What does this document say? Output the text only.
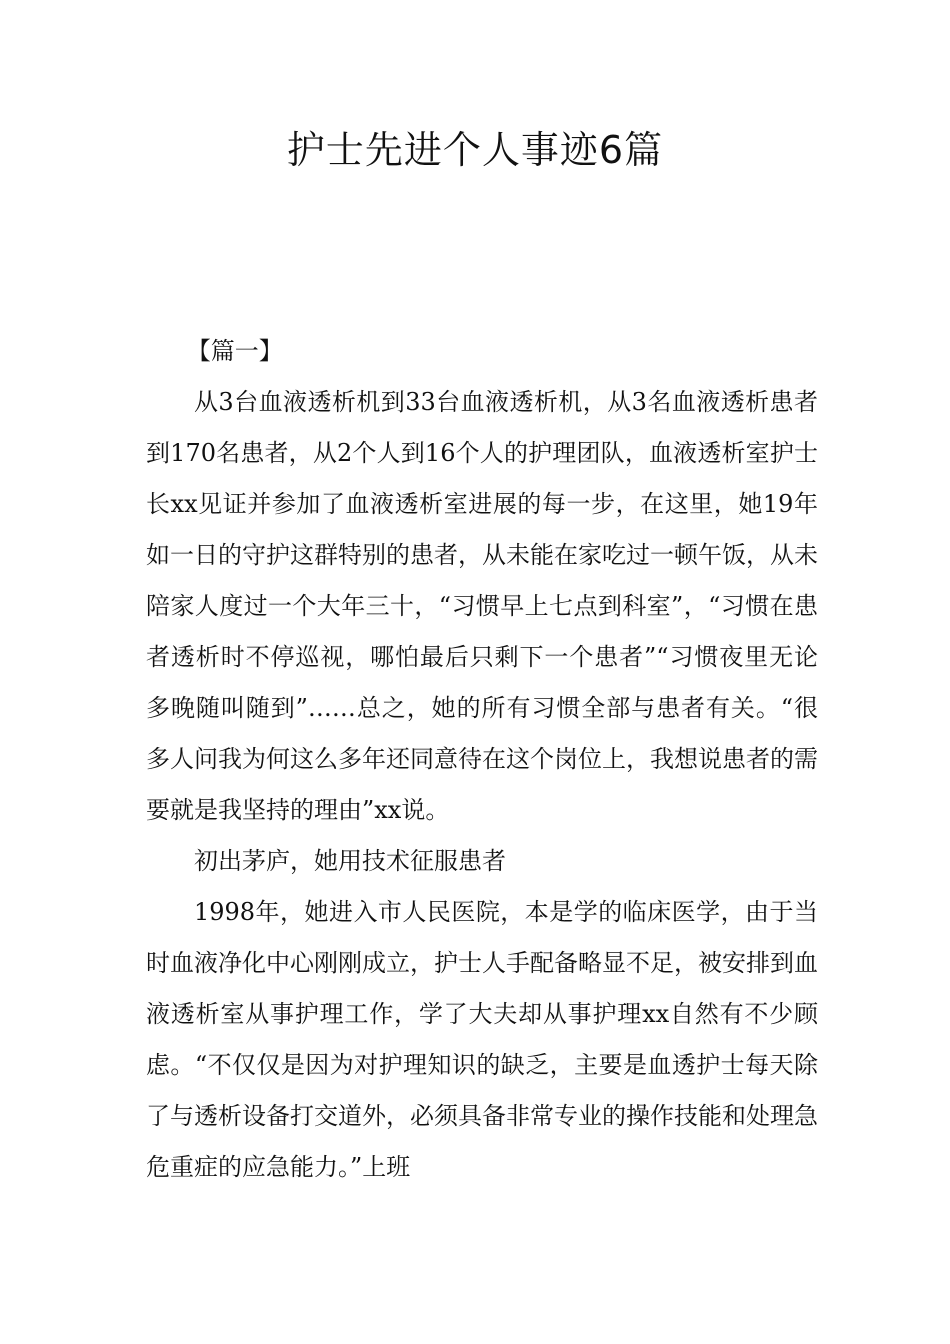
护士先进个人事迹6篇

【篇一】

从3台血液透析机到33台血液透析机，从3名血液透析患者到170名患者，从2个人到16个人的护理团队，血液透析室护士长xx见证并参加了血液透析室进展的每一步，在这里，她19年如一日的守护这群特别的患者，从未能在家吃过一顿午饭，从未陪家人度过一个大年三十，“习惯早上七点到科室”，“习惯在患者透析时不停巡视，哪怕最后只剩下一个患者”“习惯夜里无论多晚随叫随到”……总之，她的所有习惯全部与患者有关。“很多人问我为何这么多年还同意待在这个岗位上，我想说患者的需要就是我坚持的理由”xx说。

初出茅庐，她用技术征服患者

1998年，她进入市人民医院，本是学的临床医学，由于当时血液净化中心刚刚成立，护士人手配备略显不足，被安排到血液透析室从事护理工作，学了大夫却从事护理xx自然有不少顾虑。“不仅仅是因为对护理知识的缺乏，主要是血透护士每天除了与透析设备打交道外，必须具备非常专业的操作技能和处理急危重症的应急能力。”上班
